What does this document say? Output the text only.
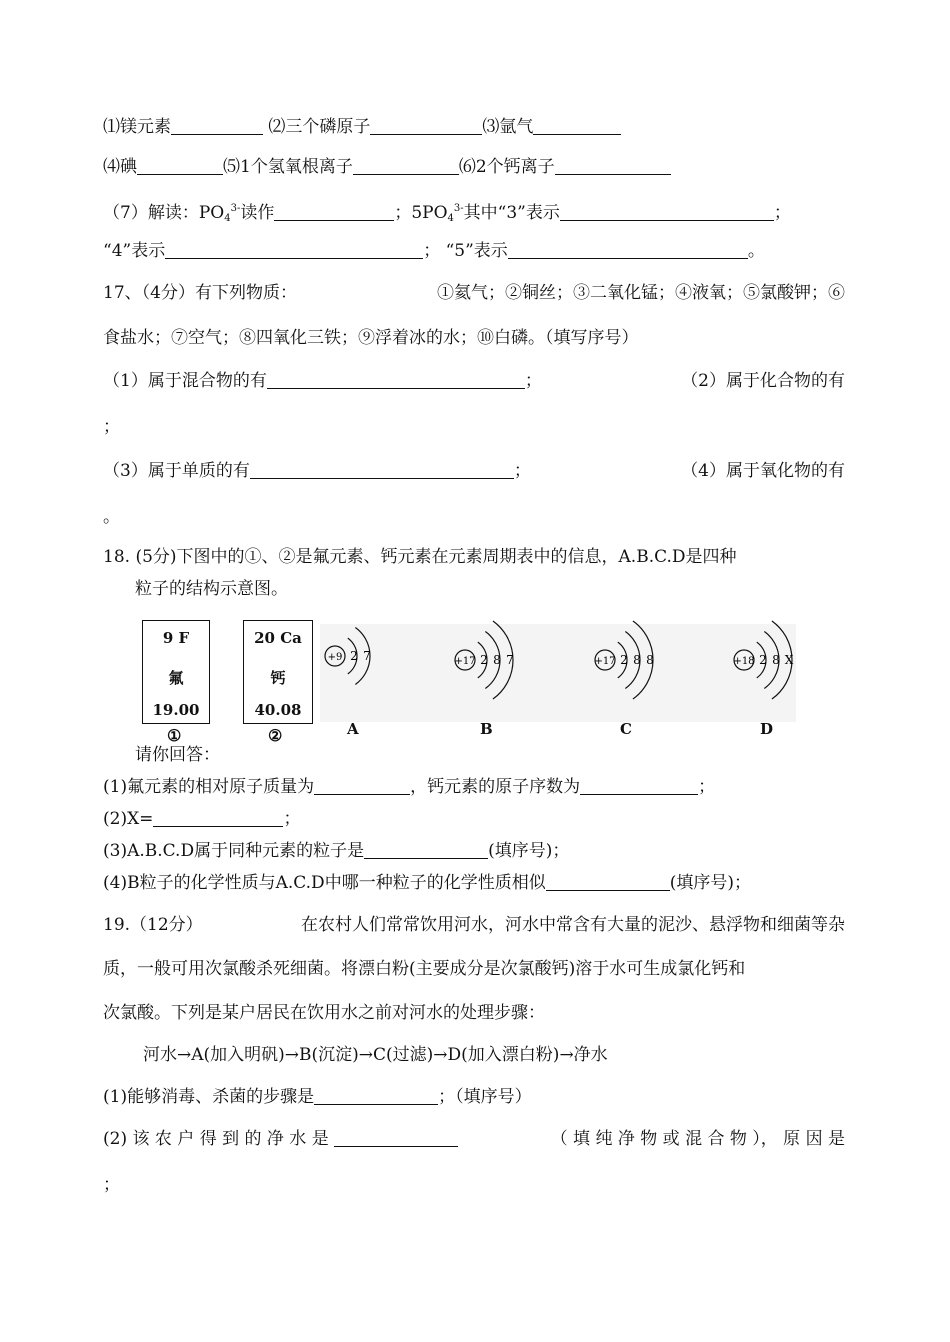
⑴镁元素	⑵三个磷原子	⑶氩气
⑷碘	⑸1个氢氧根离子	⑹2个钙离子
（7）解读：$PO_4^{3-}$读作	；$5PO_4^{3-}$其中“3”表示	；
“4”表示	； “5”表示	。
17、（4分）有下列物质：	①氦气；②铜丝；③二氧化锰；④液氧；⑤氯酸钾；⑥
食盐水；⑦空气；⑧四氧化三铁；⑨浮着冰的水；⑩白磷。（填写序号）
（1）属于混合物的有	；	（2）属于化合物的有
；
（3）属于单质的有	；	（4）属于氧化物的有
。
18. (5分)下图中的①、②是氟元素、钙元素在元素周期表中的信息，A.B.C.D是四种
粒子的结构示意图。
9 F
氟
19.00
①
20 Ca
钙
40.08
②
+9 2 7	+17 2 8 7	+17 2 8 8	+18 2 8 X
A	B	C	D
请你回答：
(1)氟元素的相对原子质量为	，钙元素的原子序数为	；
(2)X=	；
(3)A.B.C.D属于同种元素的粒子是	(填序号)；
(4)B粒子的化学性质与A.C.D中哪一种粒子的化学性质相似	(填序号)；
19.（12分）	在农村人们常常饮用河水，河水中常含有大量的泥沙、悬浮物和细菌等杂
质，一般可用次氯酸杀死细菌。将漂白粉(主要成分是次氯酸钙)溶于水可生成氯化钙和
次氯酸。下列是某户居民在饮用水之前对河水的处理步骤：
河水→A(加入明矾)→B(沉淀)→C(过滤)→D(加入漂白粉)→净水
(1)能够消毒、杀菌的步骤是	；（填序号）
(2) 该 农 户 得 到 的 净 水 是	（ 填 纯 净 物 或 混 合 物 ）， 原 因 是
；
